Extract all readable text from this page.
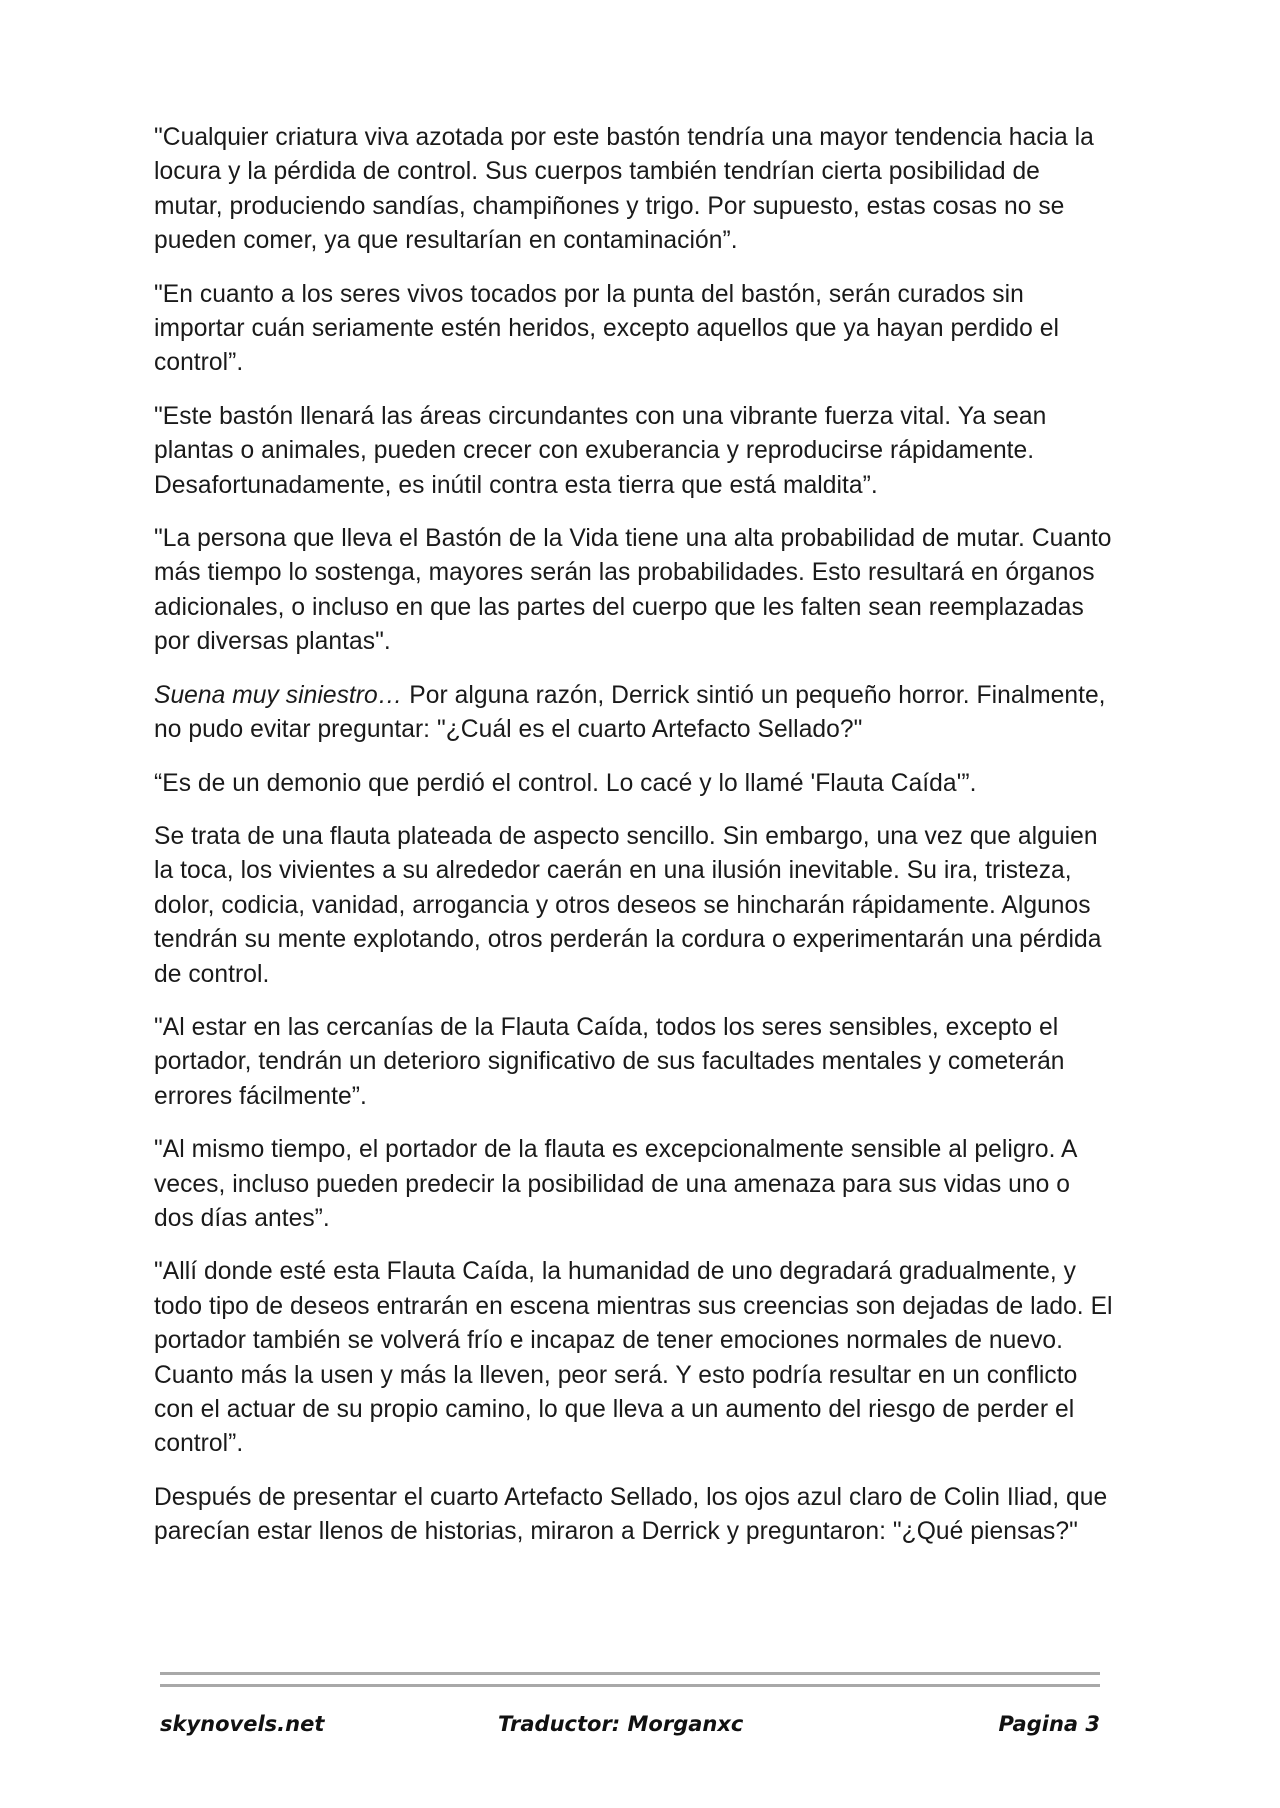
"Cualquier criatura viva azotada por este bastón tendría una mayor tendencia hacia la locura y la pérdida de control. Sus cuerpos también tendrían cierta posibilidad de mutar, produciendo sandías, champiñones y trigo. Por supuesto, estas cosas no se pueden comer, ya que resultarían en contaminación”.

"En cuanto a los seres vivos tocados por la punta del bastón, serán curados sin importar cuán seriamente estén heridos, excepto aquellos que ya hayan perdido el control”.

"Este bastón llenará las áreas circundantes con una vibrante fuerza vital. Ya sean plantas o animales, pueden crecer con exuberancia y reproducirse rápidamente. Desafortunadamente, es inútil contra esta tierra que está maldita”.

"La persona que lleva el Bastón de la Vida tiene una alta probabilidad de mutar. Cuanto más tiempo lo sostenga, mayores serán las probabilidades. Esto resultará en órganos adicionales, o incluso en que las partes del cuerpo que les falten sean reemplazadas por diversas plantas".

Suena muy siniestro… Por alguna razón, Derrick sintió un pequeño horror. Finalmente, no pudo evitar preguntar: "¿Cuál es el cuarto Artefacto Sellado?"

“Es de un demonio que perdió el control. Lo cacé y lo llamé 'Flauta Caída'”.

Se trata de una flauta plateada de aspecto sencillo. Sin embargo, una vez que alguien la toca, los vivientes a su alrededor caerán en una ilusión inevitable. Su ira, tristeza, dolor, codicia, vanidad, arrogancia y otros deseos se hincharán rápidamente. Algunos tendrán su mente explotando, otros perderán la cordura o experimentarán una pérdida de control.

"Al estar en las cercanías de la Flauta Caída, todos los seres sensibles, excepto el portador, tendrán un deterioro significativo de sus facultades mentales y cometerán errores fácilmente”.

"Al mismo tiempo, el portador de la flauta es excepcionalmente sensible al peligro. A veces, incluso pueden predecir la posibilidad de una amenaza para sus vidas uno o dos días antes”.

"Allí donde esté esta Flauta Caída, la humanidad de uno degradará gradualmente, y todo tipo de deseos entrarán en escena mientras sus creencias son dejadas de lado. El portador también se volverá frío e incapaz de tener emociones normales de nuevo. Cuanto más la usen y más la lleven, peor será. Y esto podría resultar en un conflicto con el actuar de su propio camino, lo que lleva a un aumento del riesgo de perder el control”.

Después de presentar el cuarto Artefacto Sellado, los ojos azul claro de Colin Iliad, que parecían estar llenos de historias, miraron a Derrick y preguntaron: "¿Qué piensas?"

skynovels.net	Traductor: Morganxc	Pagina 3
